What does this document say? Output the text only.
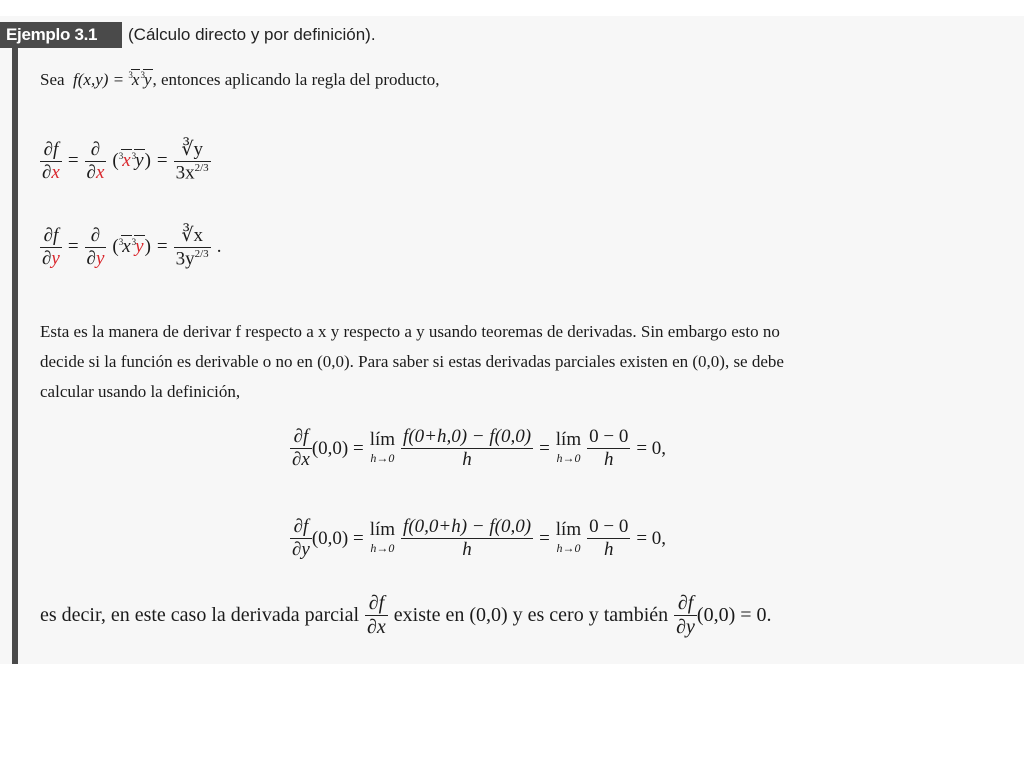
Ejemplo 3.1	(Cálculo directo y por definición).
Sea $f(x,y) = ^3x^3y$, entonces aplicando la regla del producto,
$\frac{\partial f}{\partial x} = \frac{\partial}{\partial x} (^3x^3y) = \frac{∛y}{3x^{2/3}}$
$\frac{\partial f}{\partial y} = \frac{\partial}{\partial y} (^3x^3y) = \frac{∛x}{3y^{2/3}}$ .
Esta es la manera de derivar f respecto a x y respecto a y usando teoremas de derivadas. Sin embargo esto no
decide si la función es derivable o no en (0,0). Para saber si estas derivadas parciales existen en (0,0), se debe
calcular usando la definición,
$\frac{\partial f}{\partial x} (0,0)$ = lím
$h\to 0 \frac{f(0+h,0) - f(0,0)}{h}$ = lím
$h\to 0 \frac{0 - 0}{h} = 0$,
$\frac{\partial f}{\partial y} (0,0)$ = lím
$h\to 0 \frac{f(0,0+h) - f(0,0)}{h}$ = lím
$h\to 0 \frac{0 - 0}{h} = 0$,
es decir, en este caso la derivada parcial $\frac{\partial f}{\partial x}$ existe en (0,0) y es cero y también $\frac{\partial f}{\partial y} (0,0) = 0$.
